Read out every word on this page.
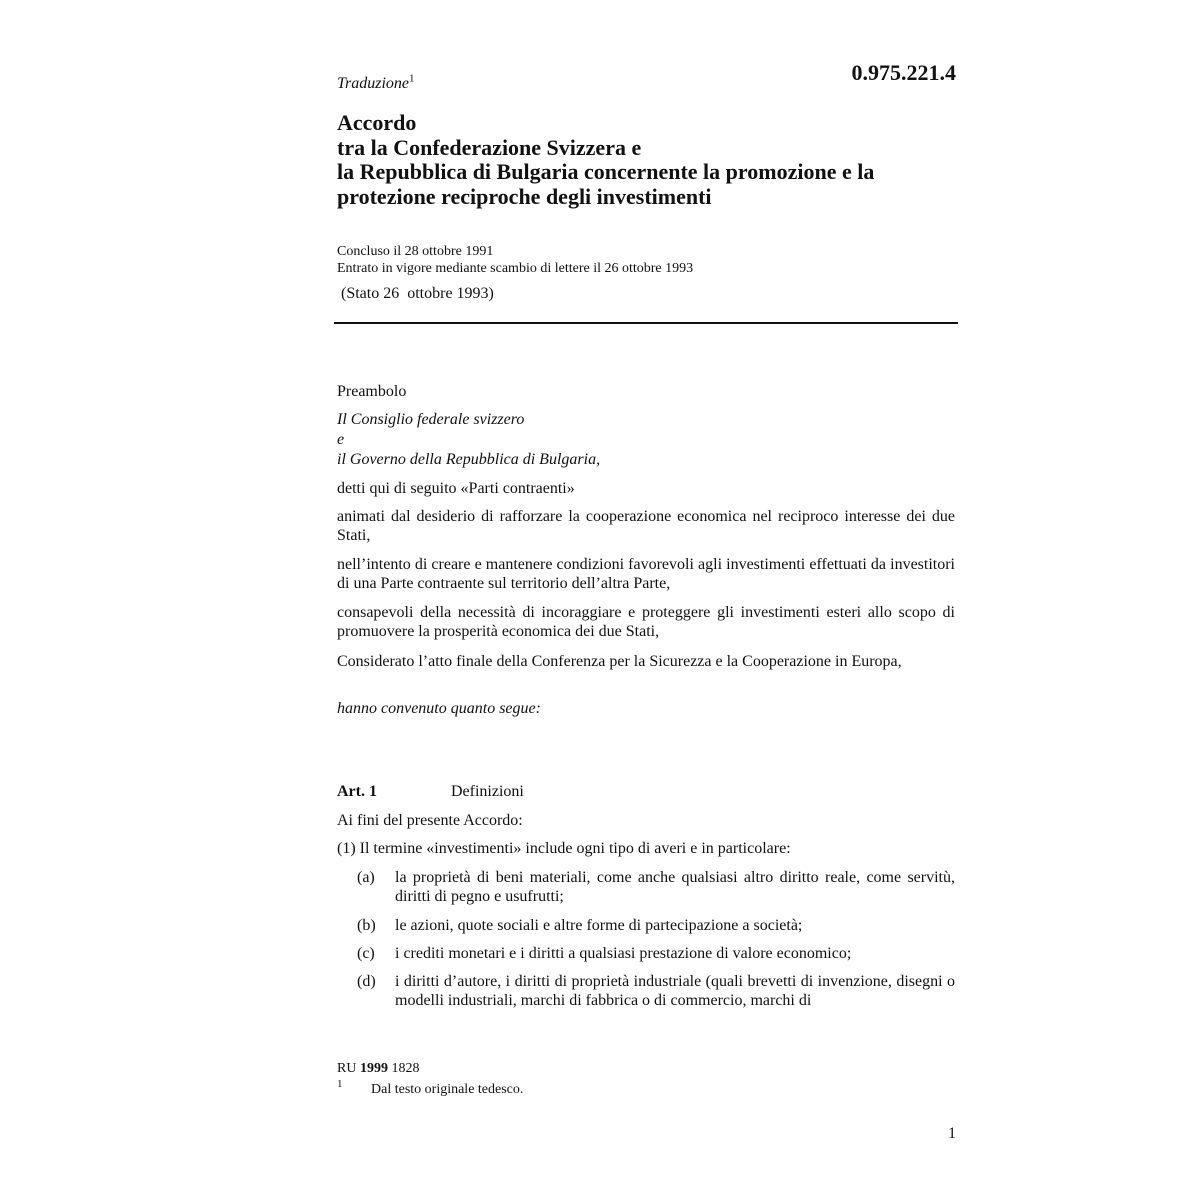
0.975.221.4
Traduzione$^1$
Accordo
tra la Confederazione Svizzera e
la Repubblica di Bulgaria concernente la promozione e la
protezione reciproche degli investimenti
Concluso il 28 ottobre 1991
Entrato in vigore mediante scambio di lettere il 26 ottobre 1993
(Stato 26  ottobre 1993)
Preambolo
Il Consiglio federale svizzero
e
il Governo della Repubblica di Bulgaria,
detti qui di seguito «Parti contraenti»
animati dal desiderio di rafforzare la cooperazione economica nel reciproco interesse dei due Stati,
nell’intento di creare e mantenere condizioni favorevoli agli investimenti effettuati da investitori di una Parte contraente sul territorio dell’altra Parte,
consapevoli della necessità di incoraggiare e proteggere gli investimenti esteri allo scopo di promuovere la prosperità economica dei due Stati,
Considerato l’atto finale della Conferenza per la Sicurezza e la Cooperazione in Europa,
hanno convenuto quanto segue:
Art. 1	Definizioni
Ai fini del presente Accordo:
(1) Il termine «investimenti» include ogni tipo di averi e in particolare:
(a)	la proprietà di beni materiali, come anche qualsiasi altro diritto reale, come servitù, diritti di pegno e usufrutti;
(b)	le azioni, quote sociali e altre forme di partecipazione a società;
(c)	i crediti monetari e i diritti a qualsiasi prestazione di valore economico;
(d)	i diritti d’autore, i diritti di proprietà industriale (quali brevetti di invenzione, disegni o modelli industriali, marchi di fabbrica o di commercio, marchi di
RU 1999 1828
1 Dal testo originale tedesco.
1
